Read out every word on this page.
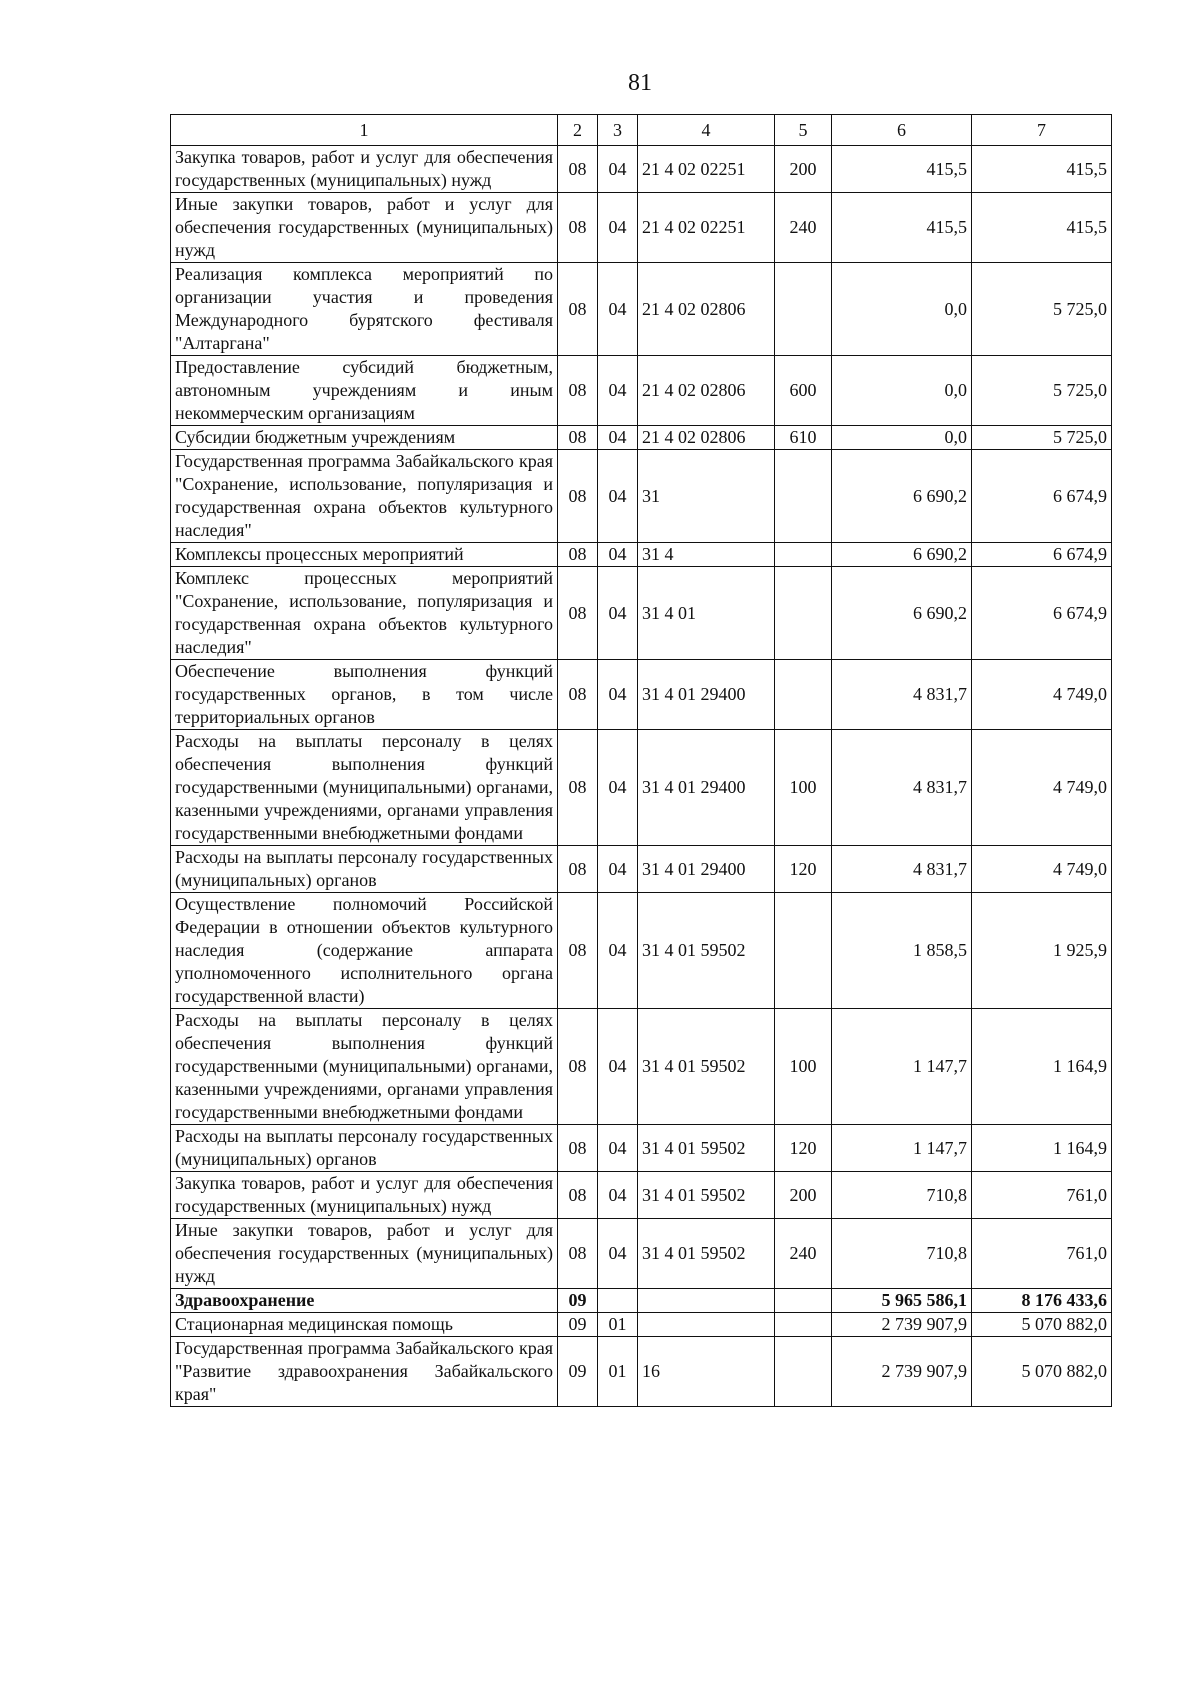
81
1	2	3	4	5	6	7
Закупка товаров, работ и услуг для обеспечения государственных (муниципальных) нужд	08	04	21 4 02 02251	200	415,5	415,5
Иные закупки товаров, работ и услуг для обеспечения государственных (муниципальных) нужд	08	04	21 4 02 02251	240	415,5	415,5
Реализация комплекса мероприятий по организации участия и проведения Международного бурятского фестиваля "Алтаргана"	08	04	21 4 02 02806		0,0	5 725,0
Предоставление субсидий бюджетным, автономным учреждениям и иным некоммерческим организациям	08	04	21 4 02 02806	600	0,0	5 725,0
Субсидии бюджетным учреждениям	08	04	21 4 02 02806	610	0,0	5 725,0
Государственная программа Забайкальского края "Сохранение, использование, популяризация и государственная охрана объектов культурного наследия"	08	04	31		6 690,2	6 674,9
Комплексы процессных мероприятий	08	04	31 4		6 690,2	6 674,9
Комплекс процессных мероприятий "Сохранение, использование, популяризация и государственная охрана объектов культурного наследия"	08	04	31 4 01		6 690,2	6 674,9
Обеспечение выполнения функций государственных органов, в том числе территориальных органов	08	04	31 4 01 29400		4 831,7	4 749,0
Расходы на выплаты персоналу в целях обеспечения выполнения функций государственными (муниципальными) органами, казенными учреждениями, органами управления государственными внебюджетными фондами	08	04	31 4 01 29400	100	4 831,7	4 749,0
Расходы на выплаты персоналу государственных (муниципальных) органов	08	04	31 4 01 29400	120	4 831,7	4 749,0
Осуществление полномочий Российской Федерации в отношении объектов культурного наследия (содержание аппарата уполномоченного исполнительного органа государственной власти)	08	04	31 4 01 59502		1 858,5	1 925,9
Расходы на выплаты персоналу в целях обеспечения выполнения функций государственными (муниципальными) органами, казенными учреждениями, органами управления государственными внебюджетными фондами	08	04	31 4 01 59502	100	1 147,7	1 164,9
Расходы на выплаты персоналу государственных (муниципальных) органов	08	04	31 4 01 59502	120	1 147,7	1 164,9
Закупка товаров, работ и услуг для обеспечения государственных (муниципальных) нужд	08	04	31 4 01 59502	200	710,8	761,0
Иные закупки товаров, работ и услуг для обеспечения государственных (муниципальных) нужд	08	04	31 4 01 59502	240	710,8	761,0
Здравоохранение	09				5 965 586,1	8 176 433,6
Стационарная медицинская помощь	09	01			2 739 907,9	5 070 882,0
Государственная программа Забайкальского края "Развитие здравоохранения Забайкальского края"	09	01	16		2 739 907,9	5 070 882,0
